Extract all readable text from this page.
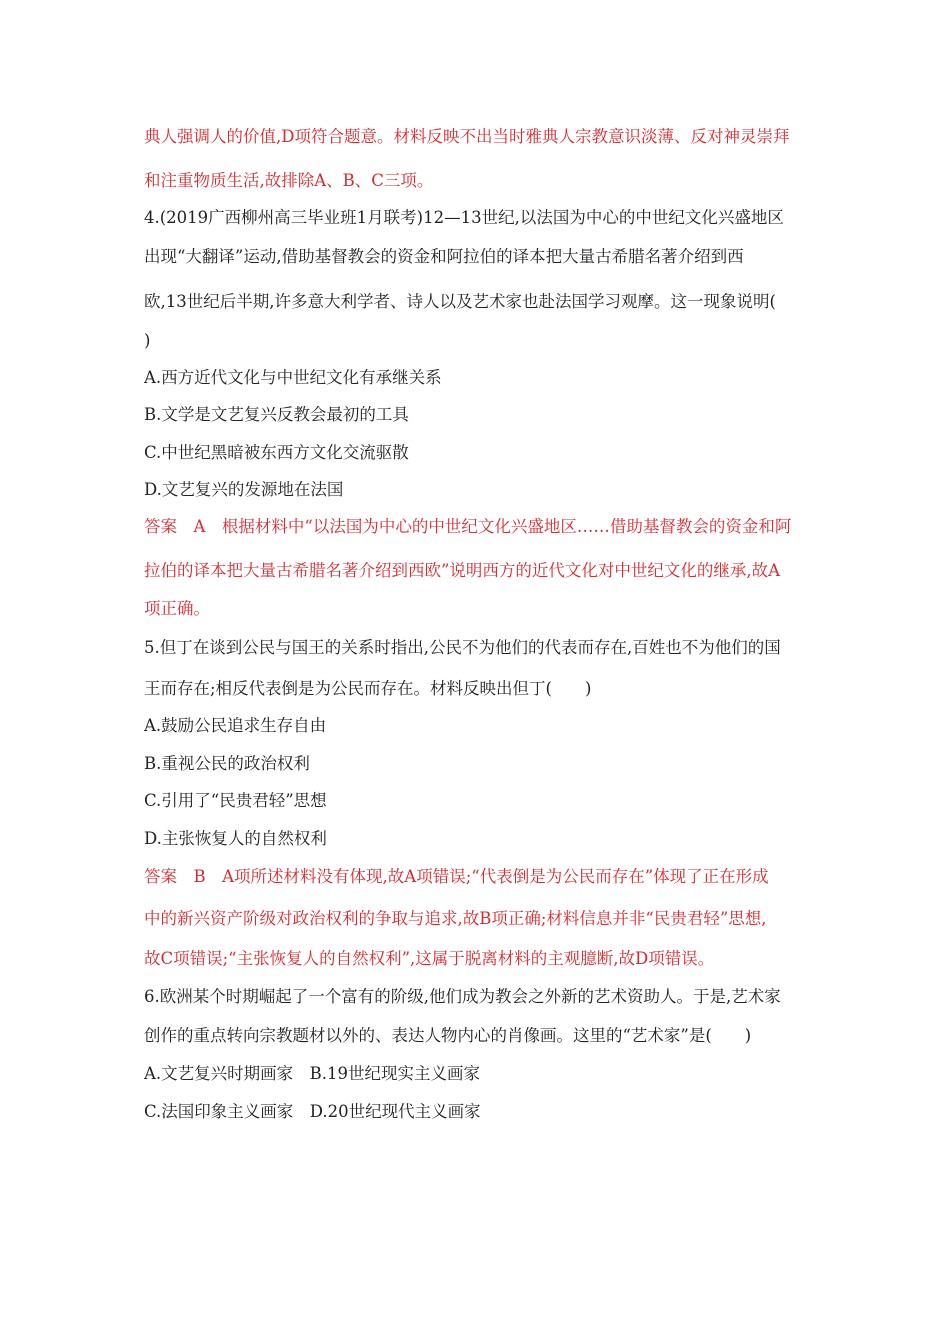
典人强调人的价值,D项符合题意。材料反映不出当时雅典人宗教意识淡薄、反对神灵崇拜
和注重物质生活,故排除A、B、C三项。
4.(2019广西柳州高三毕业班1月联考)12—13世纪,以法国为中心的中世纪文化兴盛地区
出现“大翻译”运动,借助基督教会的资金和阿拉伯的译本把大量古希腊名著介绍到西
欧,13世纪后半期,许多意大利学者、诗人以及艺术家也赴法国学习观摩。这一现象说明(
)
A.西方近代文化与中世纪文化有承继关系
B.文学是文艺复兴反教会最初的工具
C.中世纪黑暗被东西方文化交流驱散
D.文艺复兴的发源地在法国
答案　A　根据材料中“以法国为中心的中世纪文化兴盛地区……借助基督教会的资金和阿
拉伯的译本把大量古希腊名著介绍到西欧”说明西方的近代文化对中世纪文化的继承,故A
项正确。
5.但丁在谈到公民与国王的关系时指出,公民不为他们的代表而存在,百姓也不为他们的国
王而存在;相反代表倒是为公民而存在。材料反映出但丁(　　)
A.鼓励公民追求生存自由
B.重视公民的政治权利
C.引用了“民贵君轻”思想
D.主张恢复人的自然权利
答案　B　A项所述材料没有体现,故A项错误;“代表倒是为公民而存在”体现了正在形成
中的新兴资产阶级对政治权利的争取与追求,故B项正确;材料信息并非“民贵君轻”思想,
故C项错误;“主张恢复人的自然权利”,这属于脱离材料的主观臆断,故D项错误。
6.欧洲某个时期崛起了一个富有的阶级,他们成为教会之外新的艺术资助人。于是,艺术家
创作的重点转向宗教题材以外的、表达人物内心的肖像画。这里的“艺术家”是(　　)
A.文艺复兴时期画家　B.19世纪现实主义画家
C.法国印象主义画家　D.20世纪现代主义画家
